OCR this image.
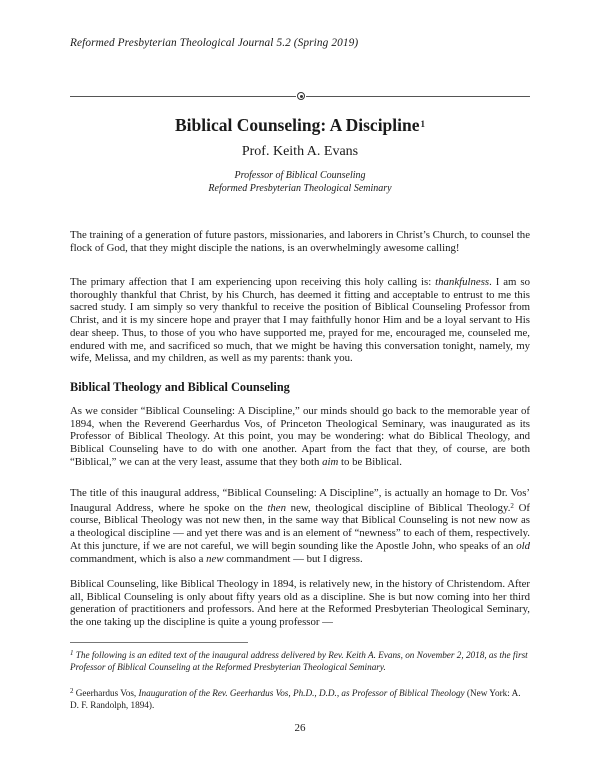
Reformed Presbyterian Theological Journal 5.2 (Spring 2019)
Biblical Counseling: A Discipline$^1$
Prof. Keith A. Evans
Professor of Biblical Counseling
Reformed Presbyterian Theological Seminary

The training of a generation of future pastors, missionaries, and laborers in Christ’s Church, to counsel the flock of God, that they might disciple the nations, is an overwhelmingly awesome calling!

The primary affection that I am experiencing upon receiving this holy calling is: thankfulness. I am so thoroughly thankful that Christ, by his Church, has deemed it fitting and acceptable to entrust to me this sacred study. I am simply so very thankful to receive the position of Biblical Counseling Professor from Christ, and it is my sincere hope and prayer that I may faithfully honor Him and be a loyal servant to His dear sheep. Thus, to those of you who have supported me, prayed for me, encouraged me, counseled me, endured with me, and sacrificed so much, that we might be having this conversation tonight, namely, my wife, Melissa, and my children, as well as my parents: thank you.

Biblical Theology and Biblical Counseling

As we consider “Biblical Counseling: A Discipline,” our minds should go back to the memorable year of 1894, when the Reverend Geerhardus Vos, of Princeton Theological Seminary, was inaugurated as its Professor of Biblical Theology. At this point, you may be wondering: what do Biblical Theology, and Biblical Counseling have to do with one another. Apart from the fact that they, of course, are both “Biblical,” we can at the very least, assume that they both aim to be Biblical.

The title of this inaugural address, “Biblical Counseling: A Discipline”, is actually an homage to Dr. Vos’ Inaugural Address, where he spoke on the then new, theological discipline of Biblical Theology.$^2$ Of course, Biblical Theology was not new then, in the same way that Biblical Counseling is not new now as a theological discipline — and yet there was and is an element of “newness” to each of them, respectively. At this juncture, if we are not careful, we will begin sounding like the Apostle John, who speaks of an old commandment, which is also a new commandment — but I digress.

Biblical Counseling, like Biblical Theology in 1894, is relatively new, in the history of Christendom. After all, Biblical Counseling is only about fifty years old as a discipline. She is but now coming into her third generation of practitioners and professors. And here at the Reformed Presbyterian Theological Seminary, the one taking up the discipline is quite a young professor —

$^1$ The following is an edited text of the inaugural address delivered by Rev. Keith A. Evans, on November 2, 2018, as the first Professor of Biblical Counseling at the Reformed Presbyterian Theological Seminary.
$^2$ Geerhardus Vos, Inauguration of the Rev. Geerhardus Vos, Ph.D., D.D., as Professor of Biblical Theology (New York: A. D. F. Randolph, 1894).
26
